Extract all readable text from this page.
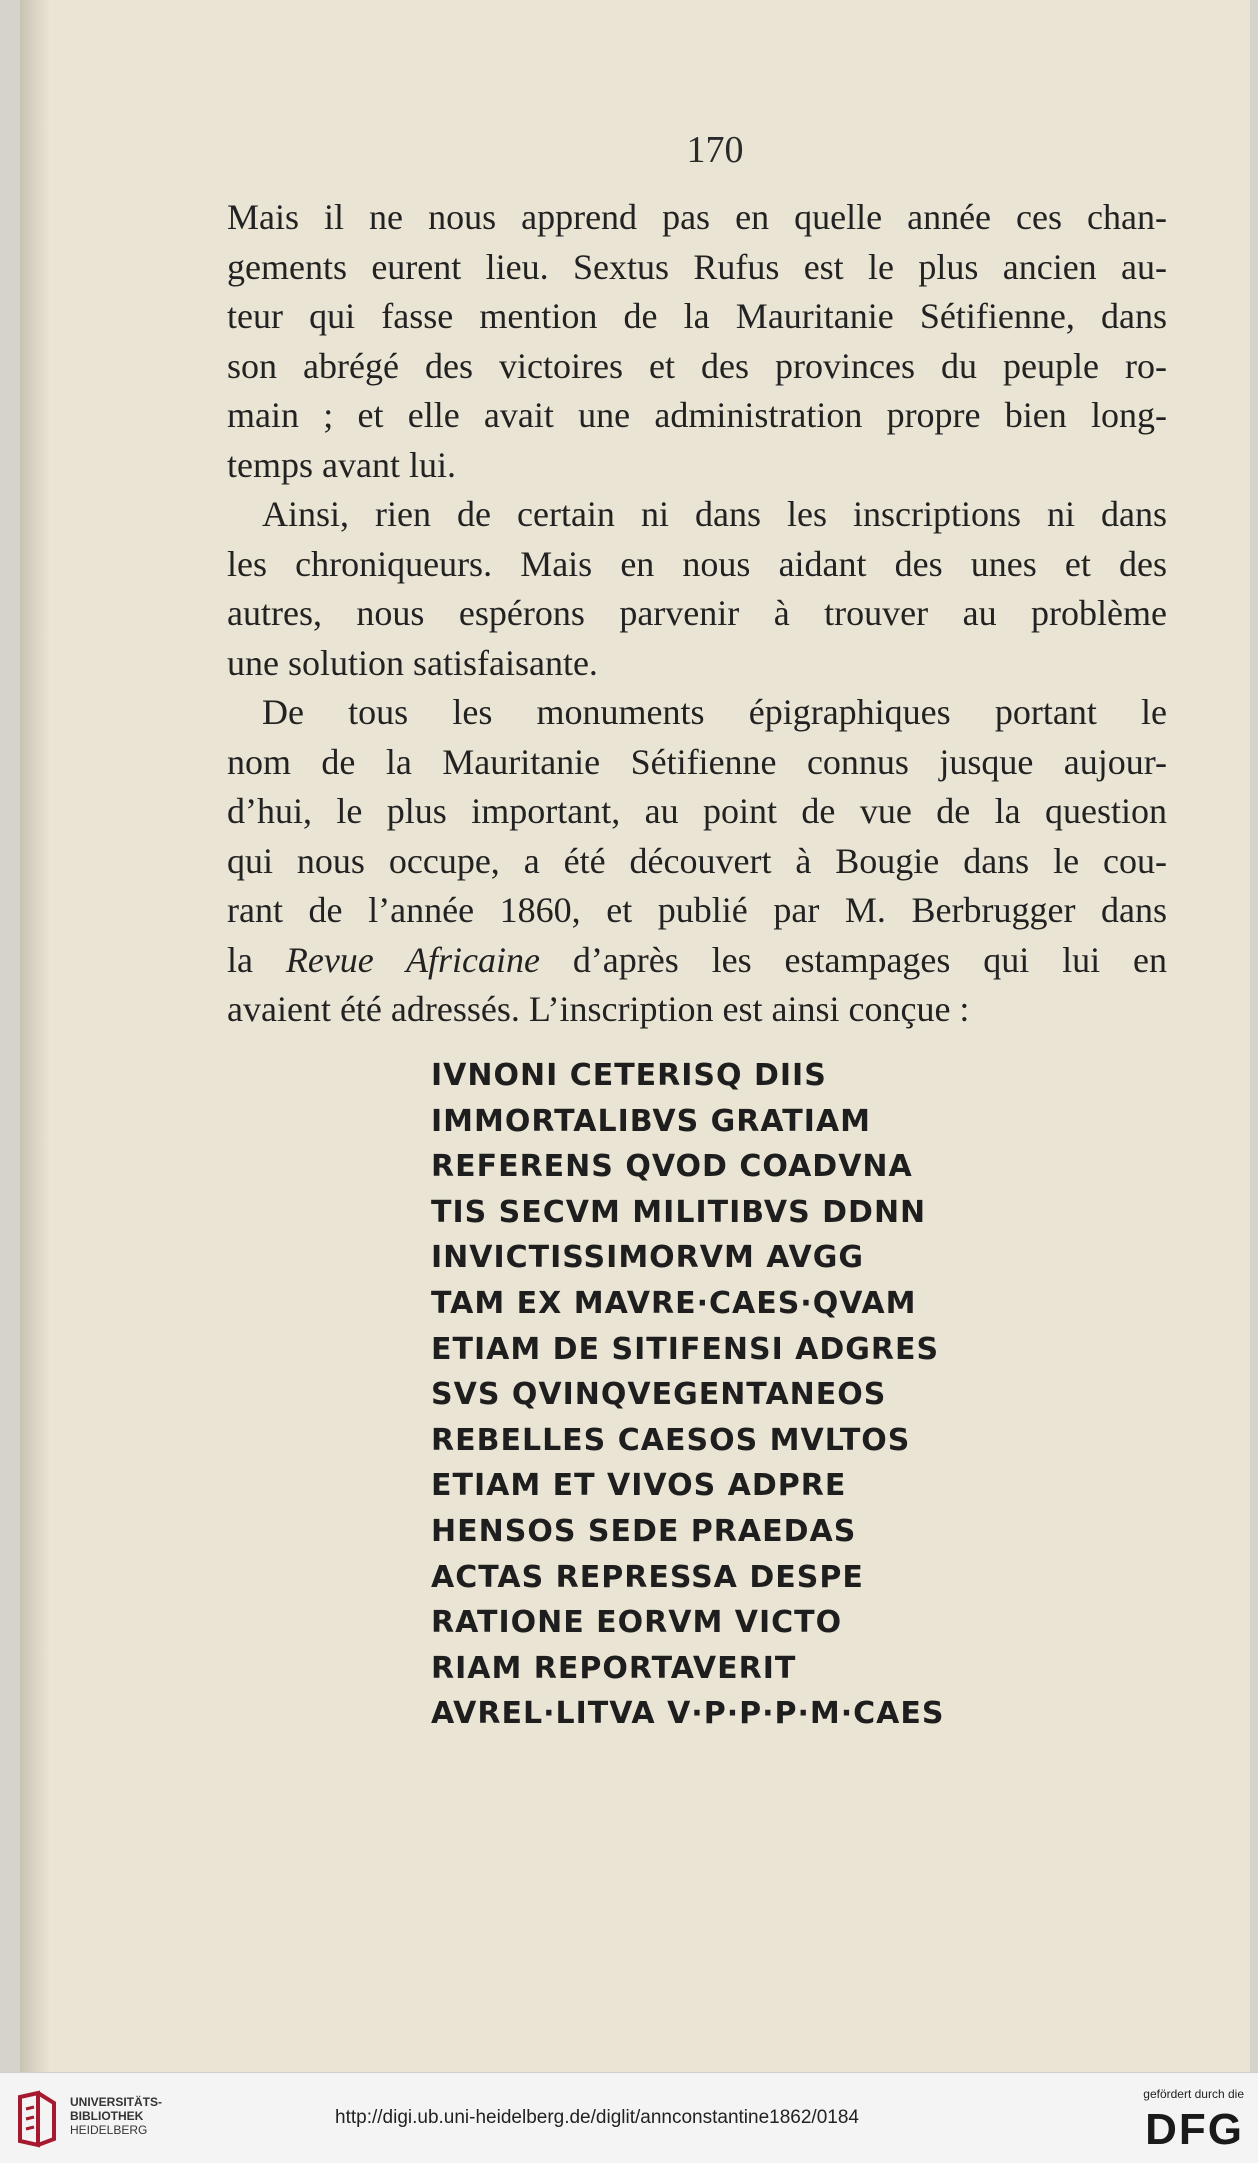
170
Mais il ne nous apprend pas en quelle année ces chan-
gements eurent lieu. Sextus Rufus est le plus ancien au-
teur qui fasse mention de la Mauritanie Sétifienne, dans
son abrégé des victoires et des provinces du peuple ro-
main ; et elle avait une administration propre bien long-
temps avant lui.
Ainsi, rien de certain ni dans les inscriptions ni dans
les chroniqueurs. Mais en nous aidant des unes et des
autres, nous espérons parvenir à trouver au problème
une solution satisfaisante.
De tous les monuments épigraphiques portant le
nom de la Mauritanie Sétifienne connus jusque aujour-
d’hui, le plus important, au point de vue de la question
qui nous occupe, a été découvert à Bougie dans le cou-
rant de l’année 1860, et publié par M. Berbrugger dans
la Revue Africaine d’après les estampages qui lui en
avaient été adressés. L’inscription est ainsi conçue :
IVNONI CETERISQ DIIS
IMMORTALIBVS GRATIAM
REFERENS QVOD COADVNA
TIS SECVM MILITIBVS DDNN
INVICTISSIMORVM AVGG
TAM EX MAVRE·CAES·QVAM
ETIAM DE SITIFENSI ADGRES
SVS QVINQVEGENTANEOS
REBELLES CAESOS MVLTOS
ETIAM ET VIVOS ADPRE
HENSOS SEDE PRAEDAS
ACTAS REPRESSA DESPE
RATIONE EORVM VICTO
RIAM REPORTAVERIT
AVREL·LITVA V·P·P·P·M·CAES
UNIVERSITÄTS-
BIBLIOTHEK
HEIDELBERG
http://digi.ub.uni-heidelberg.de/diglit/annconstantine1862/0184
gefördert durch die
DFG
